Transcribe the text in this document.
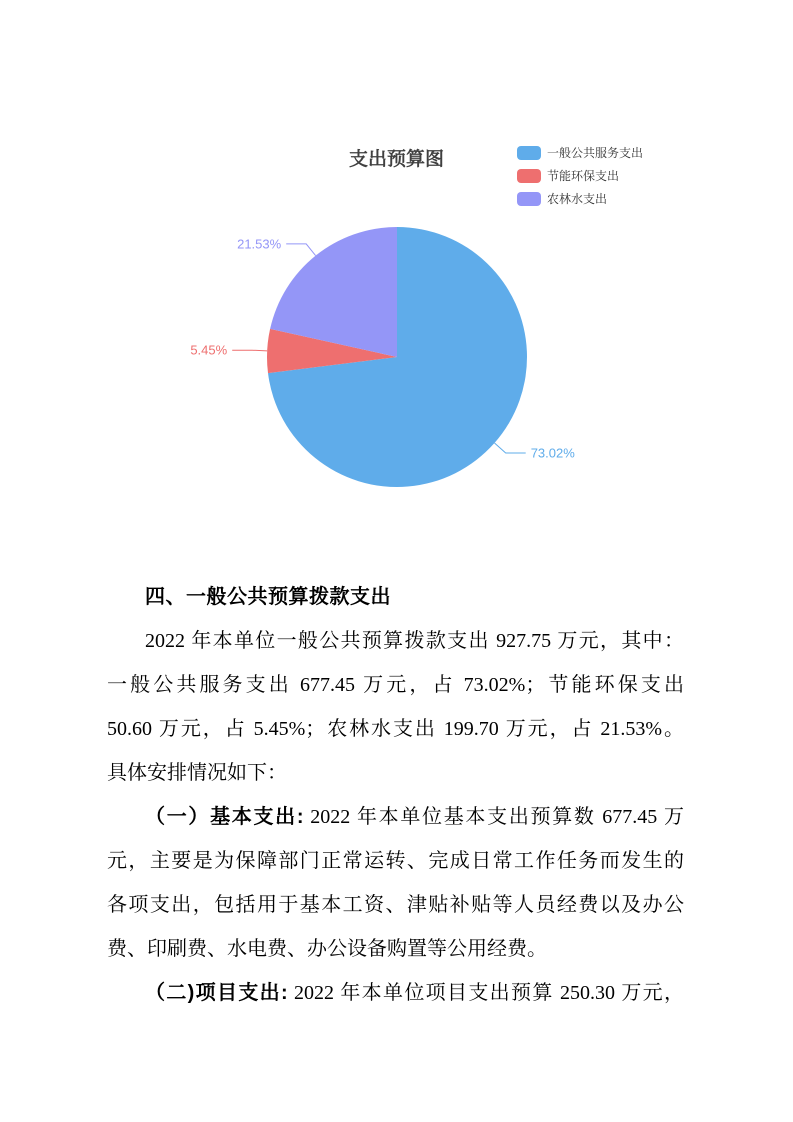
支出预算图	一般公共服务支出
节能环保支出
农林水支出
73.02%
5.45%
21.53%
四、一般公共预算拨款支出
2022 年本单位一般公共预算拨款支出 927.75 万元，其中：
一般公共服务支出 677.45 万元，占 73.02%；节能环保支出
50.60 万元，占 5.45%；农林水支出 199.70 万元，占 21.53%。
具体安排情况如下：
（一）基本支出: 2022 年本单位基本支出预算数 677.45 万
元，主要是为保障部门正常运转、完成日常工作任务而发生的
各项支出，包括用于基本工资、津贴补贴等人员经费以及办公
费、印刷费、水电费、办公设备购置等公用经费。
（二)项目支出: 2022 年本单位项目支出预算 250.30 万元，
